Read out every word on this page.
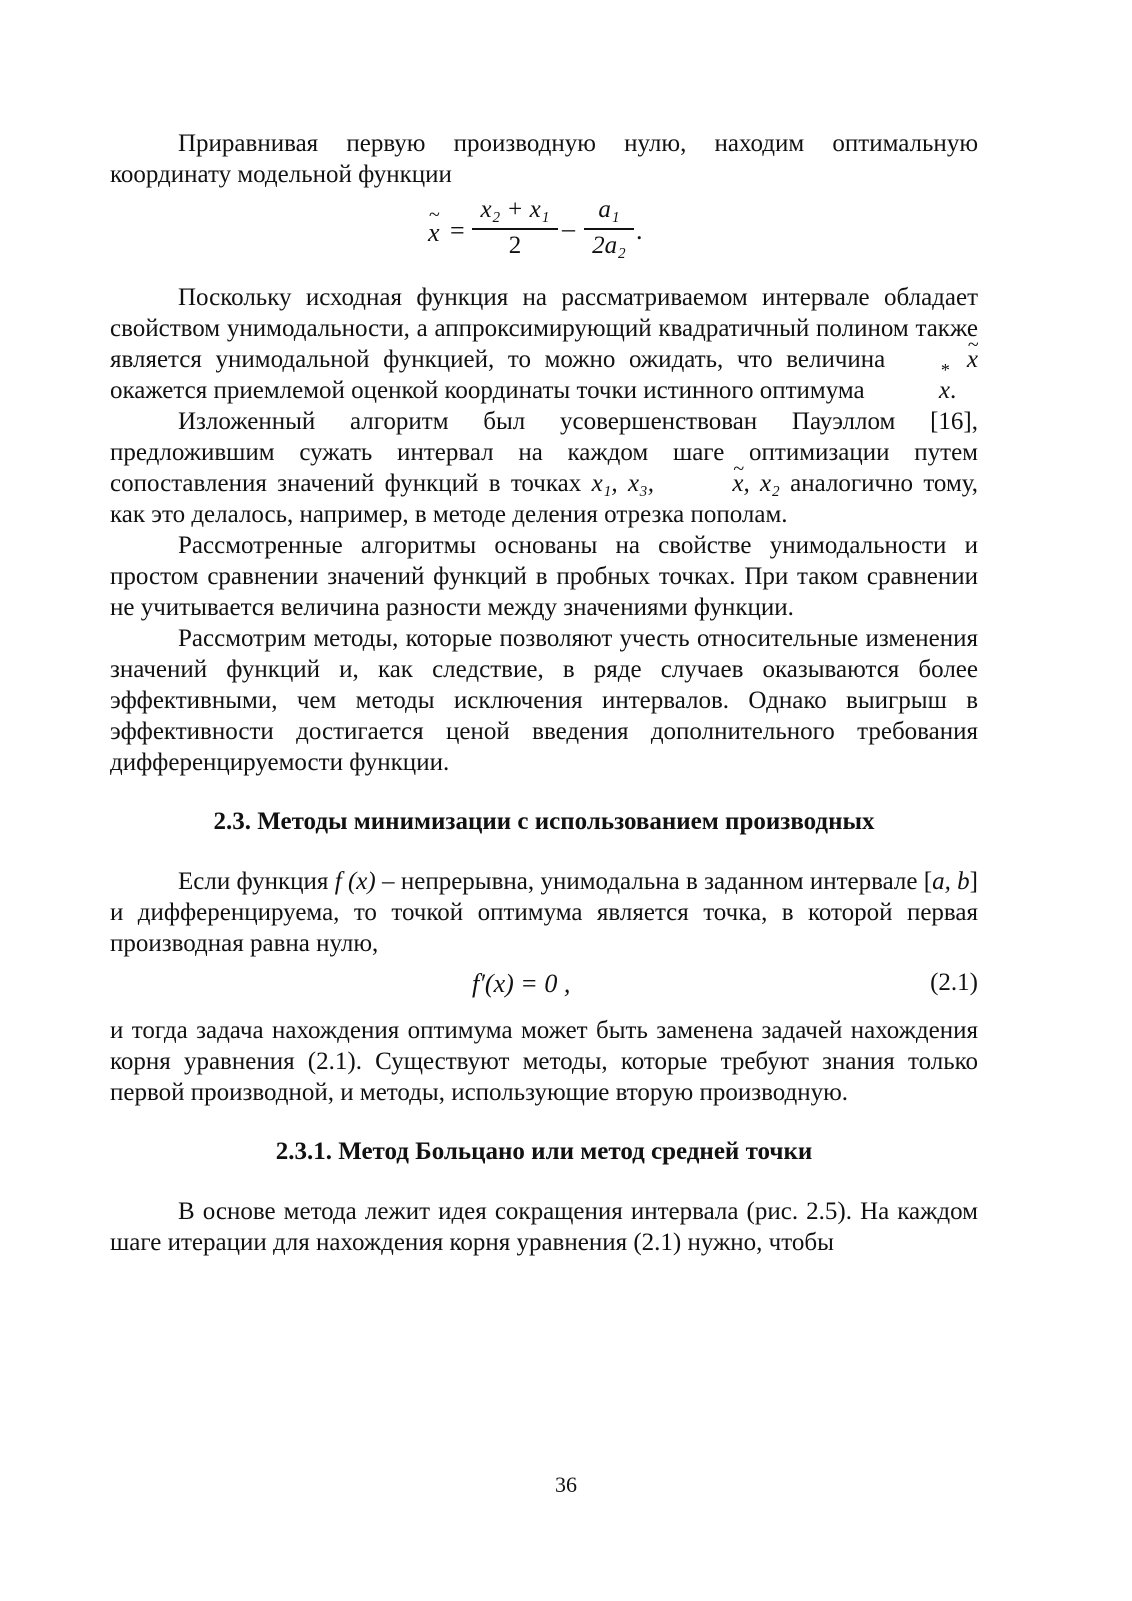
Приравнивая первую производную нулю, находим оптимальную координату модельной функции

~ x =
x₂ + x₁
2
–
a₁
2a₂
.

Поскольку исходная функция на рассматриваемом интервале обладает свойством унимодальности, а аппроксимирующий квадратичный полином также является унимодальной функцией, то можно ожидать, что величина	~ x окажется приемлемой оценкой координаты точки истинного оптимума	* x.

Изложенный алгоритм был усовершенствован Пауэллом [16], предложившим сужать интервал на каждом шаге оптимизации путем сопоставления значений функций в точках x₁, x₃,	~ x, x₂ аналогично тому, как это делалось, например, в методе деления отрезка пополам.

Рассмотренные алгоритмы основаны на свойстве унимодальности и простом сравнении значений функций в пробных точках. При таком сравнении не учитывается величина разности между значениями функции.

Рассмотрим методы, которые позволяют учесть относительные изменения значений функций и, как следствие, в ряде случаев оказываются более эффективными, чем методы исключения интервалов. Однако выигрыш в эффективности достигается ценой введения дополнительного требования дифференцируемости функции.

2.3. Методы минимизации с использованием производных

Если функция f (x) – непрерывна, унимодальна в заданном интервале [a, b] и дифференцируема, то точкой оптимума является точка, в которой первая производная равна нулю,

f′(x) = 0 ,	(2.1)

и тогда задача нахождения оптимума может быть заменена задачей нахождения корня уравнения (2.1). Существуют методы, которые требуют знания только первой производной, и методы, использующие вторую производную.

2.3.1. Метод Больцано или метод средней точки

В основе метода лежит идея сокращения интервала (рис. 2.5). На каждом шаге итерации для нахождения корня уравнения (2.1) нужно, чтобы

36
